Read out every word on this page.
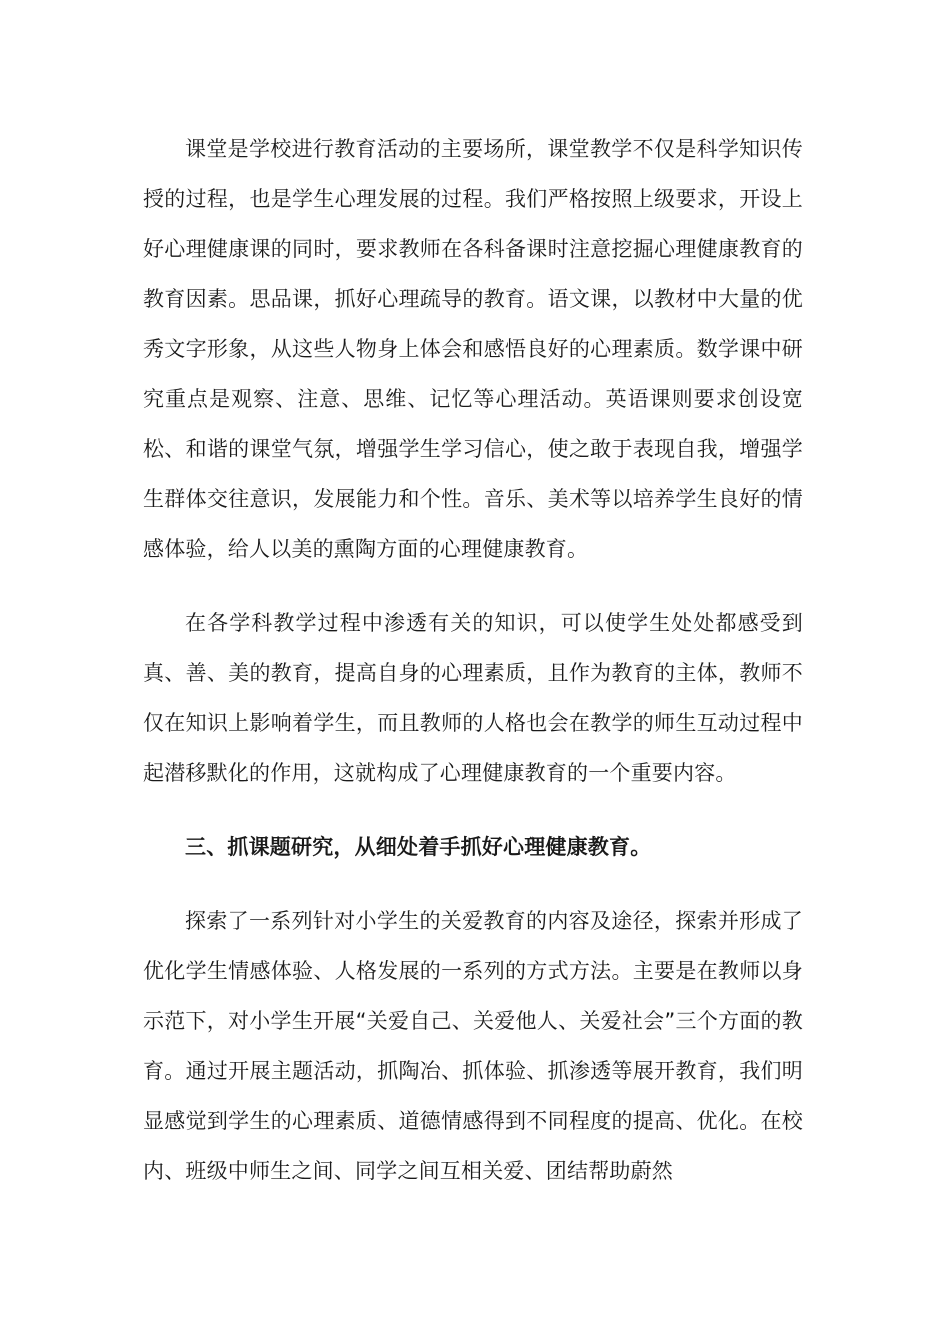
课堂是学校进行教育活动的主要场所，课堂教学不仅是科学知识传授的过程，也是学生心理发展的过程。我们严格按照上级要求，开设上好心理健康课的同时，要求教师在各科备课时注意挖掘心理健康教育的教育因素。思品课，抓好心理疏导的教育。语文课，以教材中大量的优秀文字形象，从这些人物身上体会和感悟良好的心理素质。数学课中研究重点是观察、注意、思维、记忆等心理活动。英语课则要求创设宽松、和谐的课堂气氛，增强学生学习信心，使之敢于表现自我，增强学生群体交往意识，发展能力和个性。音乐、美术等以培养学生良好的情感体验，给人以美的熏陶方面的心理健康教育。

在各学科教学过程中渗透有关的知识，可以使学生处处都感受到真、善、美的教育，提高自身的心理素质，且作为教育的主体，教师不仅在知识上影响着学生，而且教师的人格也会在教学的师生互动过程中起潜移默化的作用，这就构成了心理健康教育的一个重要内容。

三、抓课题研究，从细处着手抓好心理健康教育。

探索了一系列针对小学生的关爱教育的内容及途径，探索并形成了优化学生情感体验、人格发展的一系列的方式方法。主要是在教师以身示范下，对小学生开展“关爱自己、关爱他人、关爱社会”三个方面的教育。通过开展主题活动，抓陶冶、抓体验、抓渗透等展开教育，我们明显感觉到学生的心理素质、道德情感得到不同程度的提高、优化。在校内、班级中师生之间、同学之间互相关爱、团结帮助蔚然
